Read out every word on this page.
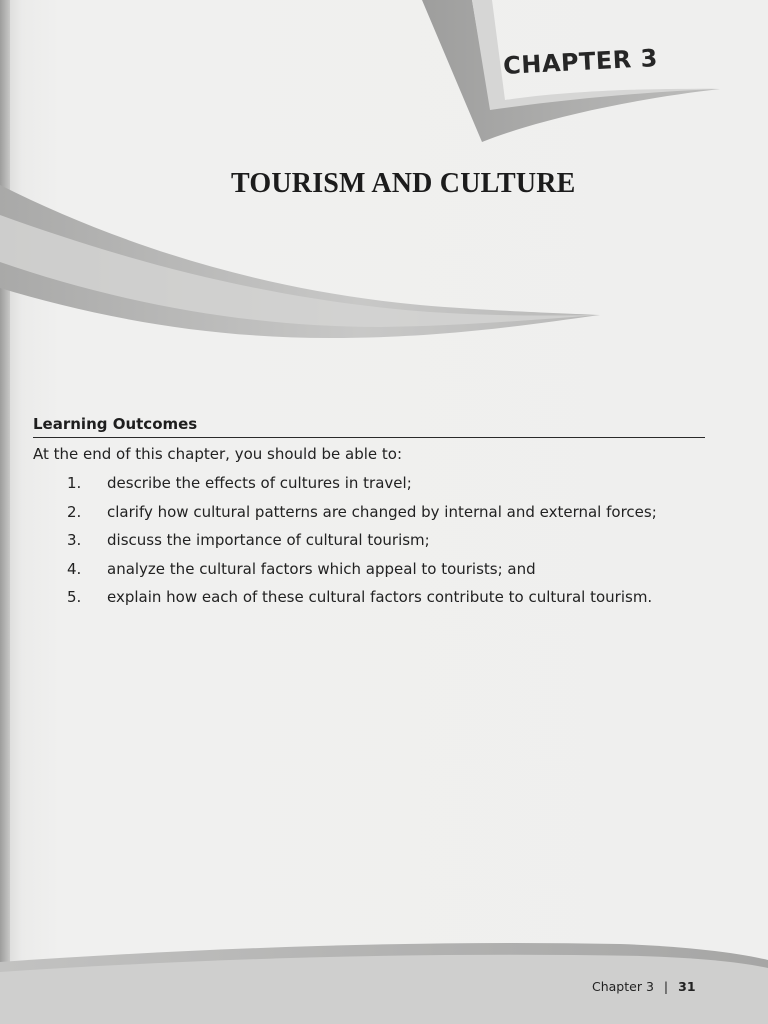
CHAPTER 3
TOURISM AND CULTURE
Learning Outcomes

At the end of this chapter, you should be able to:

1. describe the effects of cultures in travel;
2. clarify how cultural patterns are changed by internal and external forces;
3. discuss the importance of cultural tourism;
4. analyze the cultural factors which appeal to tourists; and
5. explain how each of these cultural factors contribute to cultural tourism.
Chapter 3 | 31
